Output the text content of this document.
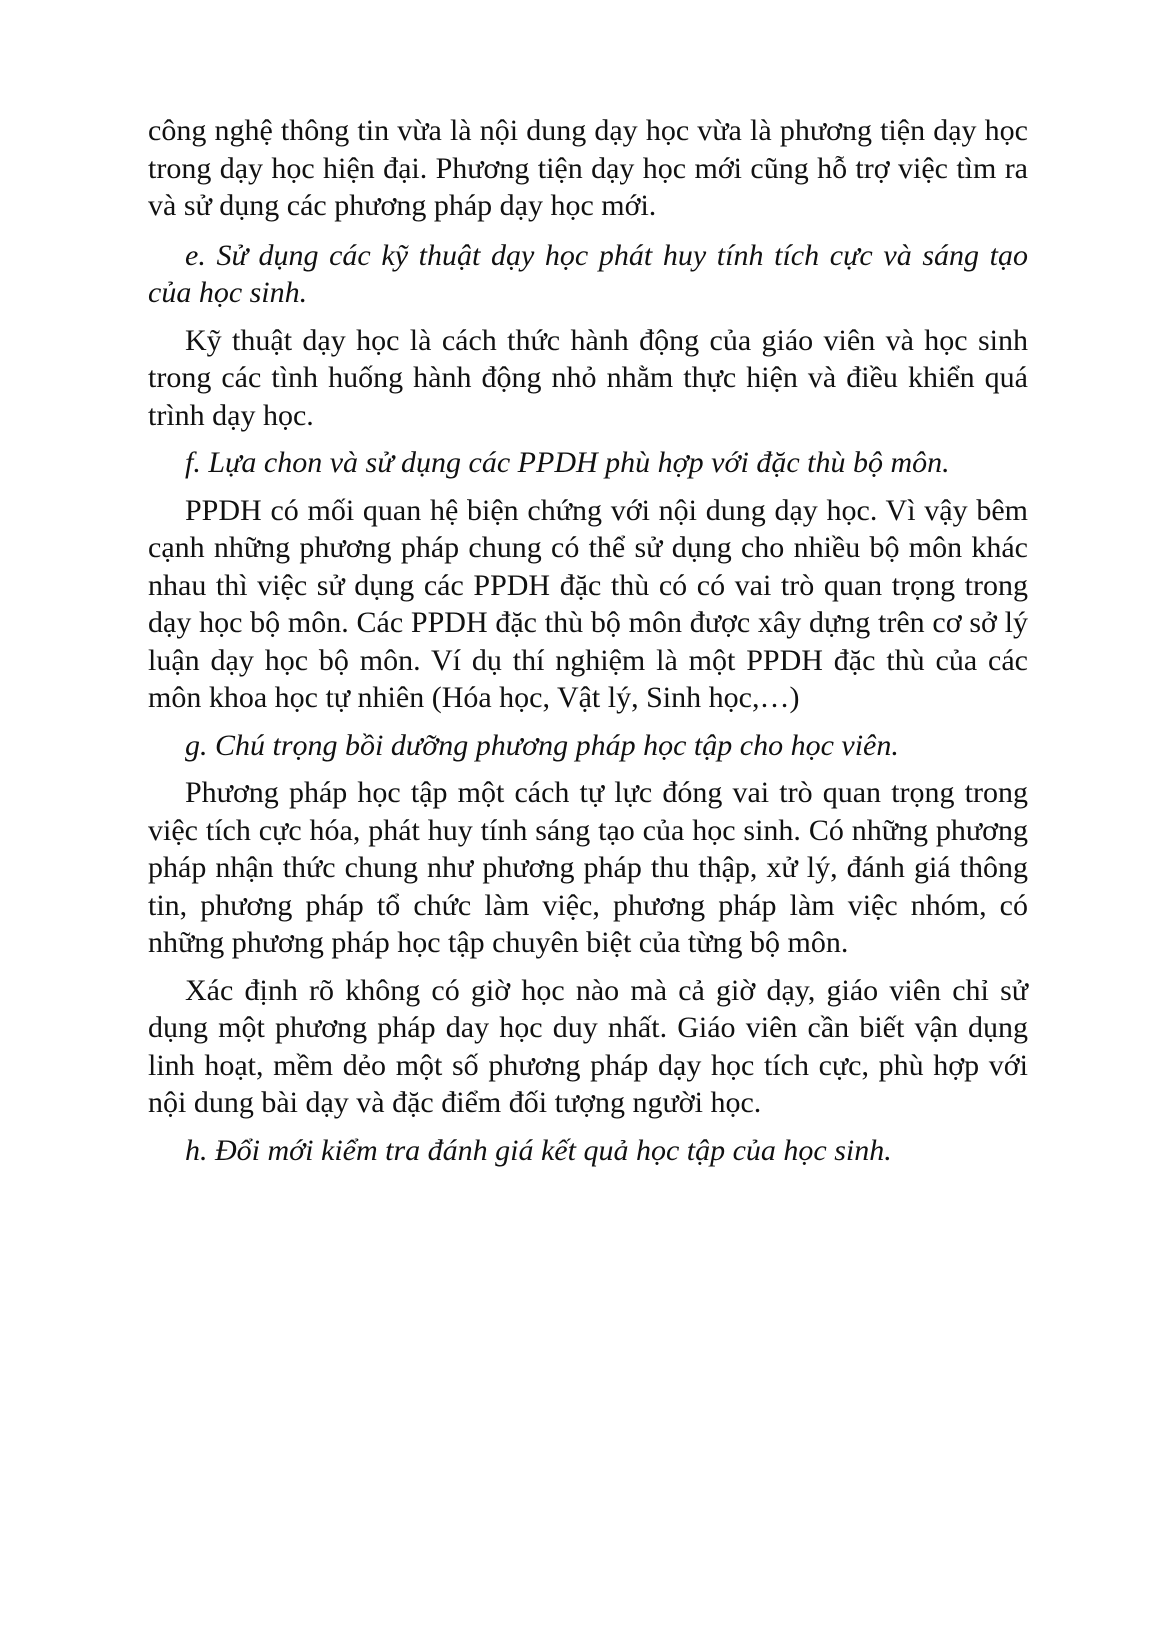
công nghệ thông tin vừa là nội dung dạy học vừa là phương tiện dạy học trong dạy học hiện đại. Phương tiện dạy học mới cũng hỗ trợ việc tìm ra và sử dụng các phương pháp dạy học mới.

e. Sử dụng các kỹ thuật dạy học phát huy tính tích cực và sáng tạo của học sinh.

Kỹ thuật dạy học là cách thức hành động của giáo viên và học sinh trong các tình huống hành động nhỏ nhằm thực hiện và điều khiển quá trình dạy học.

f. Lựa chon và sử dụng các PPDH phù hợp với đặc thù bộ môn.

PPDH có mối quan hệ biện chứng với nội dung dạy học. Vì vậy bêm cạnh những phương pháp chung có thể sử dụng cho nhiều bộ môn khác nhau thì việc sử dụng các PPDH đặc thù có có vai trò quan trọng trong dạy học bộ môn. Các PPDH đặc thù bộ môn được xây dựng trên cơ sở lý luận dạy học bộ môn. Ví dụ thí nghiệm là một PPDH đặc thù của các môn khoa học tự nhiên (Hóa học, Vật lý, Sinh học,…)

g. Chú trọng bồi dưỡng phương pháp học tập cho học viên.

Phương pháp học tập một cách tự lực đóng vai trò quan trọng trong việc tích cực hóa, phát huy tính sáng tạo của học sinh. Có những phương pháp nhận thức chung như phương pháp thu thập, xử lý, đánh giá thông tin, phương pháp tổ chức làm việc, phương pháp làm việc nhóm, có những phương pháp học tập chuyên biệt của từng bộ môn.

Xác định rõ không có giờ học nào mà cả giờ dạy, giáo viên chỉ sử dụng một phương pháp day học duy nhất. Giáo viên cần biết vận dụng linh hoạt, mềm dẻo một số phương pháp dạy học tích cực, phù hợp với nội dung bài dạy và đặc điểm đối tượng người học.

h. Đổi mới kiểm tra đánh giá kết quả học tập của học sinh.
